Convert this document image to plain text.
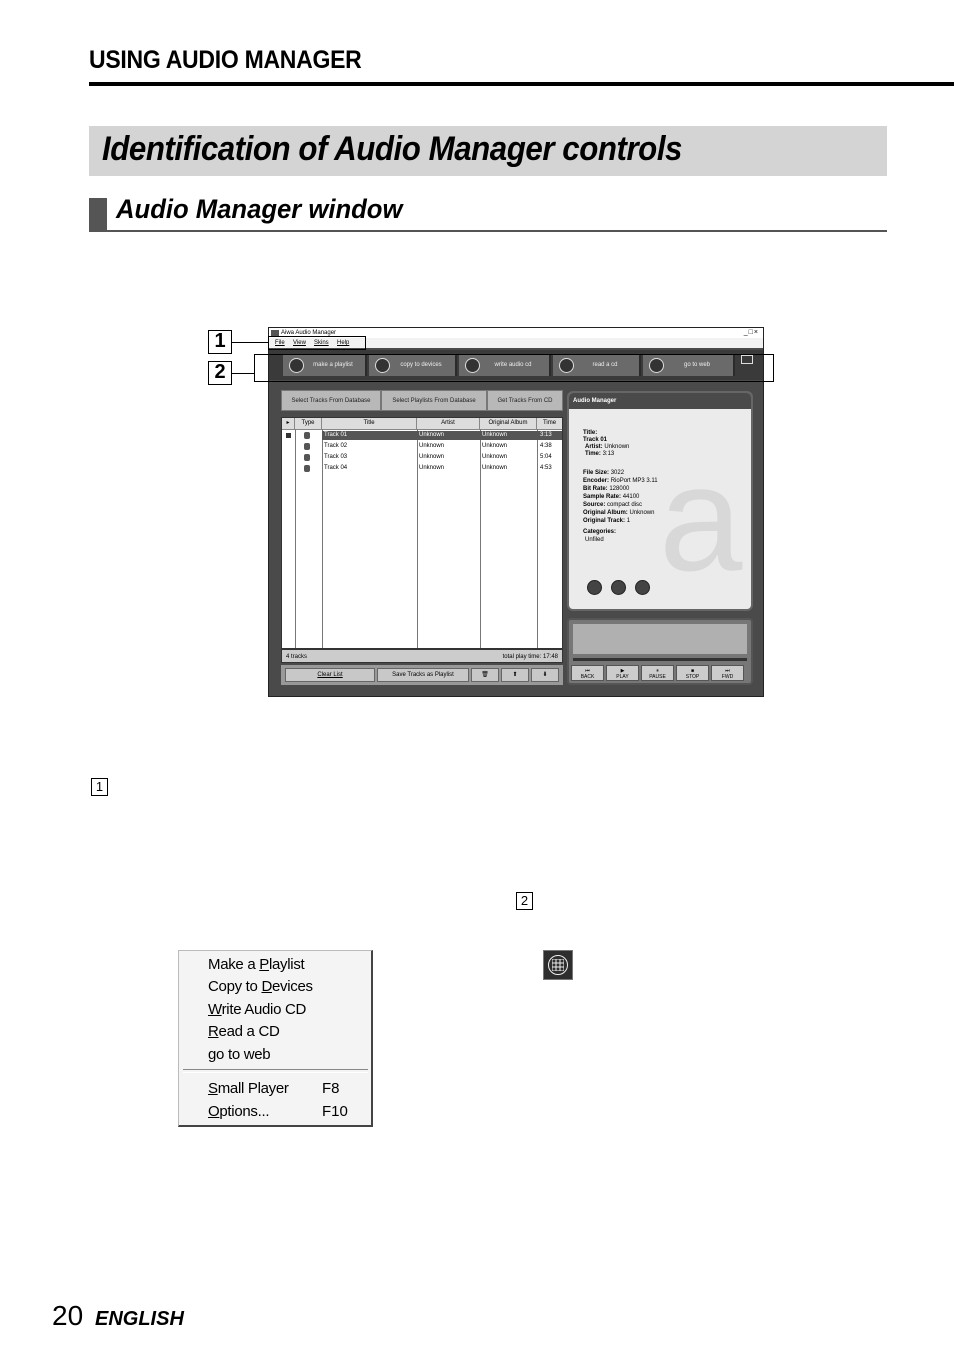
USING AUDIO MANAGER
Identification of Audio Manager controls
Audio Manager window
Aiwa Audio Manager	_□×
File View Skins Help
make a playlist	copy to devices	write audio cd	read a cd	go to web
Select Tracks From Database	Select Playlists From Database	Get Tracks From CD
▸	Type	Title	Artist	Original Album	Time
Track 01	Unknown	Unknown	3:13
Track 02	Unknown	Unknown	4:38
Track 03	Unknown	Unknown	5:04
Track 04	Unknown	Unknown	4:53
4 tracks	total play time: 17:48
Clear List	Save Tracks as Playlist	🗑	⬆	⬇
Audio Manager
a
Title:
Track 01
Artist: Unknown
Time: 3:13
File Size: 3022
Encoder: RioPort MP3 3.11
Bit Rate: 128000
Sample Rate: 44100
Source: compact disc
Original Album: Unknown
Original Track: 1
Categories:
Unfiled
⏮
BACK
▶
PLAY
⏸
PAUSE
■
STOP
⏭
FWD
1
2
1
2
Make a Playlist
Copy to Devices
Write Audio CD
Read a CD
go to web
Small Player F8
Options...	F10
20 ENGLISH
